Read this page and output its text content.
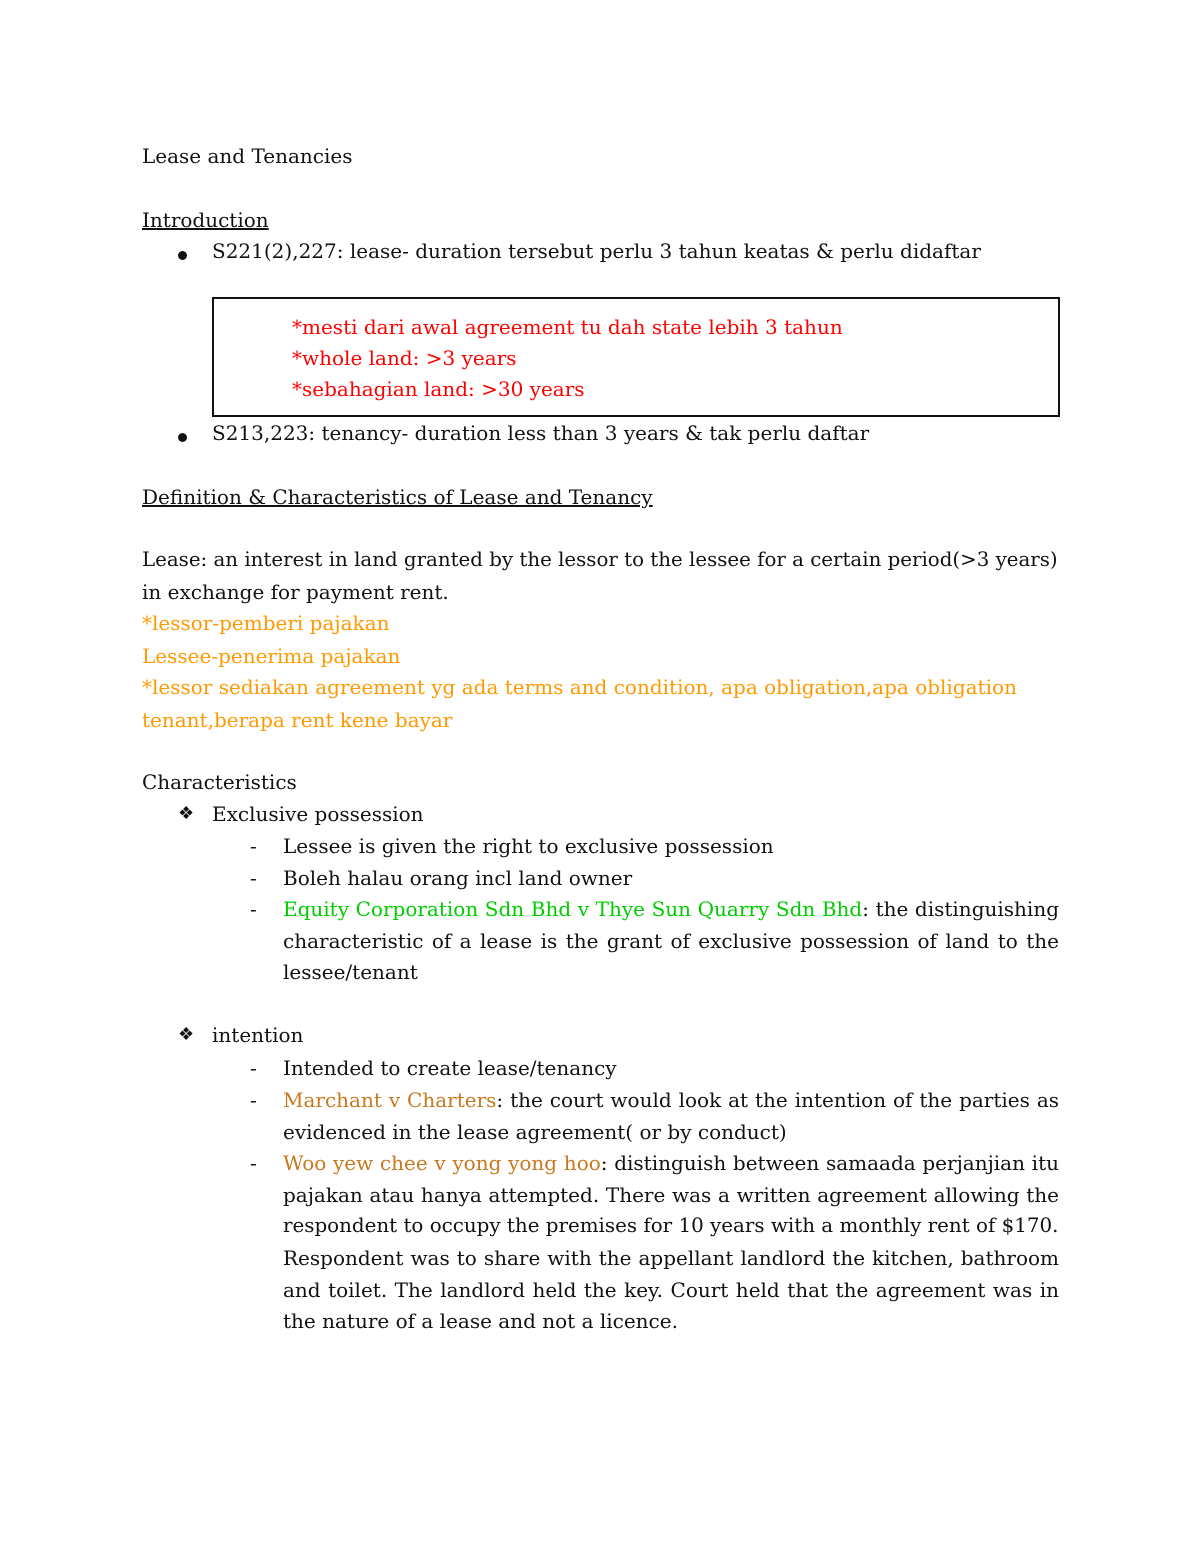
Lease and Tenancies
Introduction
S221(2),227: lease- duration tersebut perlu 3 tahun keatas & perlu didaftar
*mesti dari awal agreement tu dah state lebih 3 tahun
*whole land: >3 years
*sebahagian land: >30 years
S213,223: tenancy- duration less than 3 years & tak perlu daftar
Definition & Characteristics of Lease and Tenancy
Lease: an interest in land granted by the lessor to the lessee for a certain period(>3 years)
in exchange for payment rent.
*lessor-pemberi pajakan
Lessee-penerima pajakan
*lessor sediakan agreement yg ada terms and condition, apa obligation,apa obligation
tenant,berapa rent kene bayar
Characteristics
❖ Exclusive possession
- Lessee is given the right to exclusive possession
- Boleh halau orang incl land owner
- Equity Corporation Sdn Bhd v Thye Sun Quarry Sdn Bhd: the distinguishing
characteristic of a lease is the grant of exclusive possession of land to the
lessee/tenant
❖ intention
- Intended to create lease/tenancy
- Marchant v Charters: the court would look at the intention of the parties as
evidenced in the lease agreement( or by conduct)
- Woo yew chee v yong yong hoo: distinguish between samaada perjanjian itu
pajakan atau hanya attempted. There was a written agreement allowing the
respondent to occupy the premises for 10 years with a monthly rent of $170.
Respondent was to share with the appellant landlord the kitchen, bathroom
and toilet. The landlord held the key. Court held that the agreement was in
the nature of a lease and not a licence.
